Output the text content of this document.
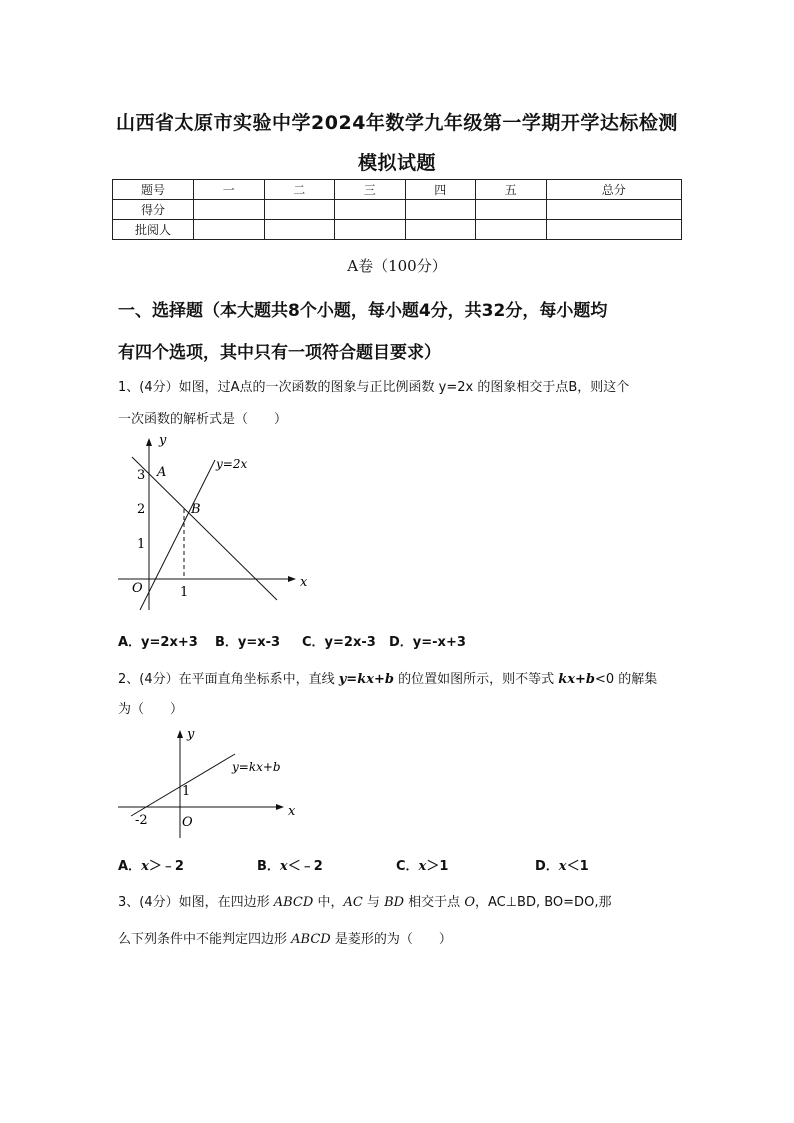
山西省太原市实验中学2024年数学九年级第一学期开学达标检测
模拟试题
题号	一	二	三	四	五	总分
得分						
批阅人						
A卷（100分）
一、选择题（本大题共8个小题，每小题4分，共32分，每小题均
有四个选项，其中只有一项符合题目要求）
1、(4分）如图，过A点的一次函数的图象与正比例函数 y=2x 的图象相交于点B，则这个
一次函数的解析式是（　　）
y
x
O
A
B
y=2x
3
2
1
1
A．y=2x+3 B．y=x-3 C．y=2x-3 D．y=-x+3
2、(4分）在平面直角坐标系中，直线 y=kx+b 的位置如图所示，则不等式 kx+b<0 的解集
为（　　）
y
x
O
y=kx+b
1
-2
A．x＞﹣2	B．x＜﹣2	C．x＞1	D．x＜1
3、(4分）如图，在四边形 ABCD 中，AC 与 BD 相交于点 O，AC⊥BD, BO=DO,那
么下列条件中不能判定四边形 ABCD 是菱形的为（　　）
